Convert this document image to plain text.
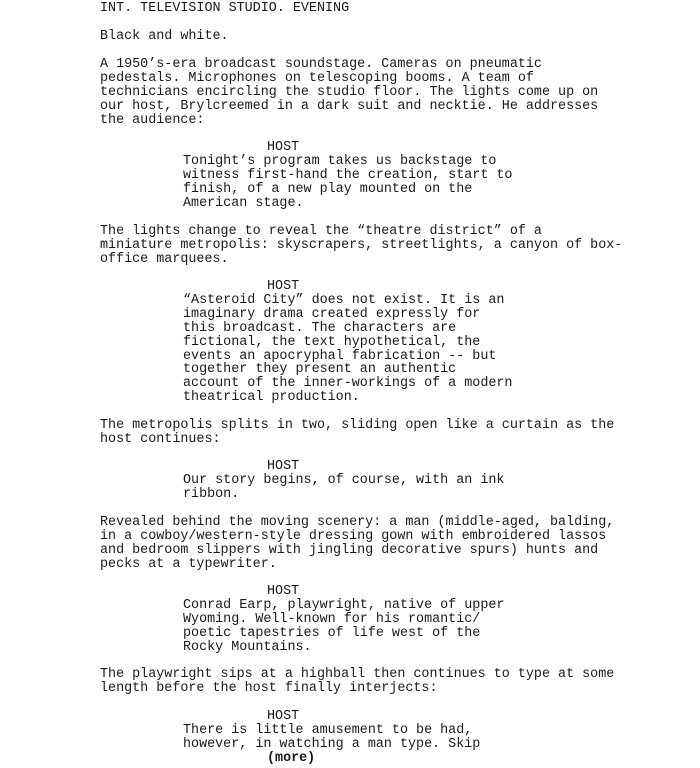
INT. TELEVISION STUDIO. EVENING
Black and white.
A 1950’s-era broadcast soundstage. Cameras on pneumatic
pedestals. Microphones on telescoping booms. A team of
technicians encircling the studio floor. The lights come up on
our host, Brylcreemed in a dark suit and necktie. He addresses
the audience:
HOST
Tonight’s program takes us backstage to
witness first-hand the creation, start to
finish, of a new play mounted on the
American stage.
The lights change to reveal the “theatre district” of a
miniature metropolis: skyscrapers, streetlights, a canyon of box-
office marquees.
HOST
“Asteroid City” does not exist. It is an
imaginary drama created expressly for
this broadcast. The characters are
fictional, the text hypothetical, the
events an apocryphal fabrication -- but
together they present an authentic
account of the inner-workings of a modern
theatrical production.
The metropolis splits in two, sliding open like a curtain as the
host continues:
HOST
Our story begins, of course, with an ink
ribbon.
Revealed behind the moving scenery: a man (middle-aged, balding,
in a cowboy/western-style dressing gown with embroidered lassos
and bedroom slippers with jingling decorative spurs) hunts and
pecks at a typewriter.
HOST
Conrad Earp, playwright, native of upper
Wyoming. Well-known for his romantic/
poetic tapestries of life west of the
Rocky Mountains.
The playwright sips at a highball then continues to type at some
length before the host finally interjects:
HOST
There is little amusement to be had,
however, in watching a man type. Skip
(more)
